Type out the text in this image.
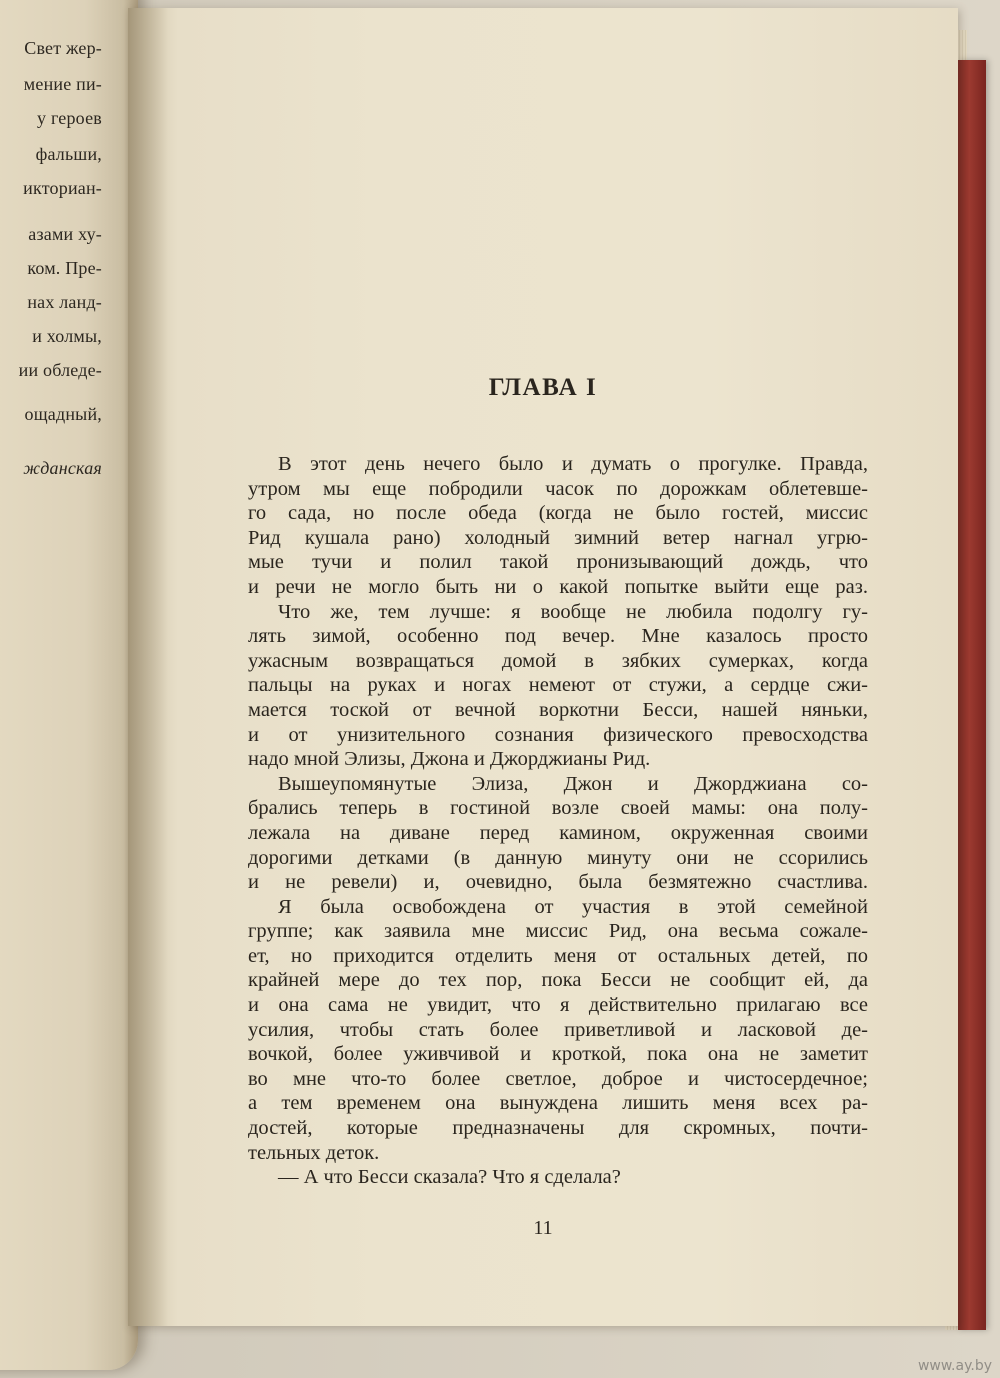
Свет жер-
мение пи-
у героев
фальши,
икториан-
азами ху-
ком. Пре-
нах ланд-
и холмы,
ии обледе-
ощадный,
жданская
ГЛАВА I
В этот день нечего было и думать о прогулке. Правда,
утром мы еще побродили часок по дорожкам облетевше-
го сада, но после обеда (когда не было гостей, миссис
Рид кушала рано) холодный зимний ветер нагнал угрю-
мые тучи и полил такой пронизывающий дождь, что
и речи не могло быть ни о какой попытке выйти еще раз.
Что же, тем лучше: я вообще не любила подолгу гу-
лять зимой, особенно под вечер. Мне казалось просто
ужасным возвращаться домой в зябких сумерках, когда
пальцы на руках и ногах немеют от стужи, а сердце сжи-
мается тоской от вечной воркотни Бесси, нашей няньки,
и от унизительного сознания физического превосходства
надо мной Элизы, Джона и Джорджианы Рид.
Вышеупомянутые Элиза, Джон и Джорджиана со-
брались теперь в гостиной возле своей мамы: она полу-
лежала на диване перед камином, окруженная своими
дорогими детками (в данную минуту они не ссорились
и не ревели) и, очевидно, была безмятежно счастлива.
Я была освобождена от участия в этой семейной
группе; как заявила мне миссис Рид, она весьма сожале-
ет, но приходится отделить меня от остальных детей, по
крайней мере до тех пор, пока Бесси не сообщит ей, да
и она сама не увидит, что я действительно прилагаю все
усилия, чтобы стать более приветливой и ласковой де-
вочкой, более уживчивой и кроткой, пока она не заметит
во мне что-то более светлое, доброе и чистосердечное;
а тем временем она вынуждена лишить меня всех ра-
достей, которые предназначены для скромных, почти-
тельных деток.
— А что Бесси сказала? Что я сделала?
11
www.ay.by
